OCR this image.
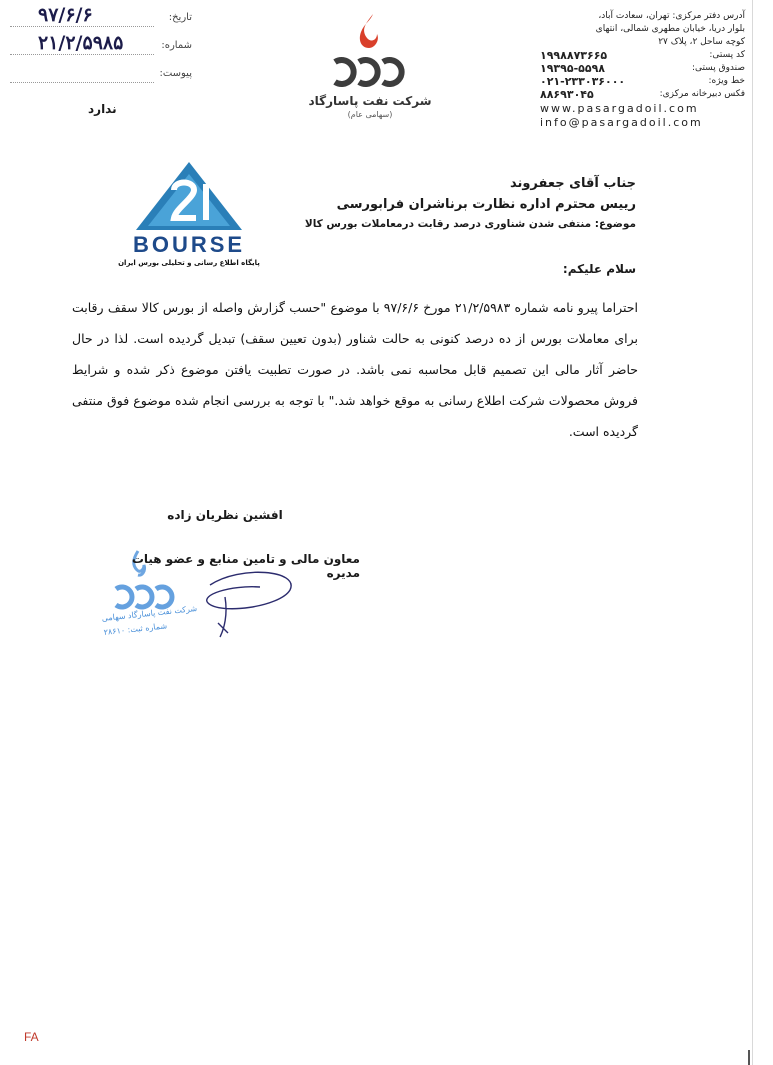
تاریخ:
۹۷/۶/۶
شماره:
۲۱/۲/۵۹۸۵
پیوست:
ندارد
شرکت نفت پاسارگاد
(سهامی عام)
آدرس دفتر مرکزی: تهران، سعادت آباد،
بلوار دریا، خیابان مطهری شمالی، انتهای
کوچه ساحل ۲، پلاک ۲۷
کد پستی:
۱۹۹۸۸۷۳۶۶۵
صندوق پستی:
۱۹۳۹۵-۵۵۹۸
خط ویژه:
۰۲۱-۲۳۳۰۳۶۰۰۰
فکس دبیرخانه مرکزی:
۸۸۶۹۳۰۴۵
www.pasargadoil.com
info@pasargadoil.com
BOURSE
پایگاه اطلاع رسانی و تحلیلی بورس ایران
جناب آقای جعفروند
رییس محترم اداره نظارت برناشران فرابورسی
موضوع: منتفی شدن شناوری درصد رقابت درمعاملات بورس کالا
سلام علیکم:
احتراما پیرو نامه شماره ۲۱/۲/۵۹۸۳ مورخ ۹۷/۶/۶ با موضوع "حسب گزارش واصله از بورس کالا سقف رقابت برای معاملات بورس از ده درصد کنونی به حالت شناور (بدون تعیین سقف) تبدیل گردیده است. لذا در حال حاضر آثار مالی این تصمیم قابل محاسبه نمی باشد. در صورت تطبیت یافتن موضوع ذکر شده و شرایط فروش محصولات شرکت اطلاع رسانی به موقع خواهد شد." با توجه به بررسی انجام شده موضوع فوق منتفی گردیده است.
شرکت نفت پاسارگاد سهامی
شماره ثبت: ۲۸۶۱۰
افشین نظریان زاده
معاون مالی و تامین منابع و عضو هیات مدیره
FA
